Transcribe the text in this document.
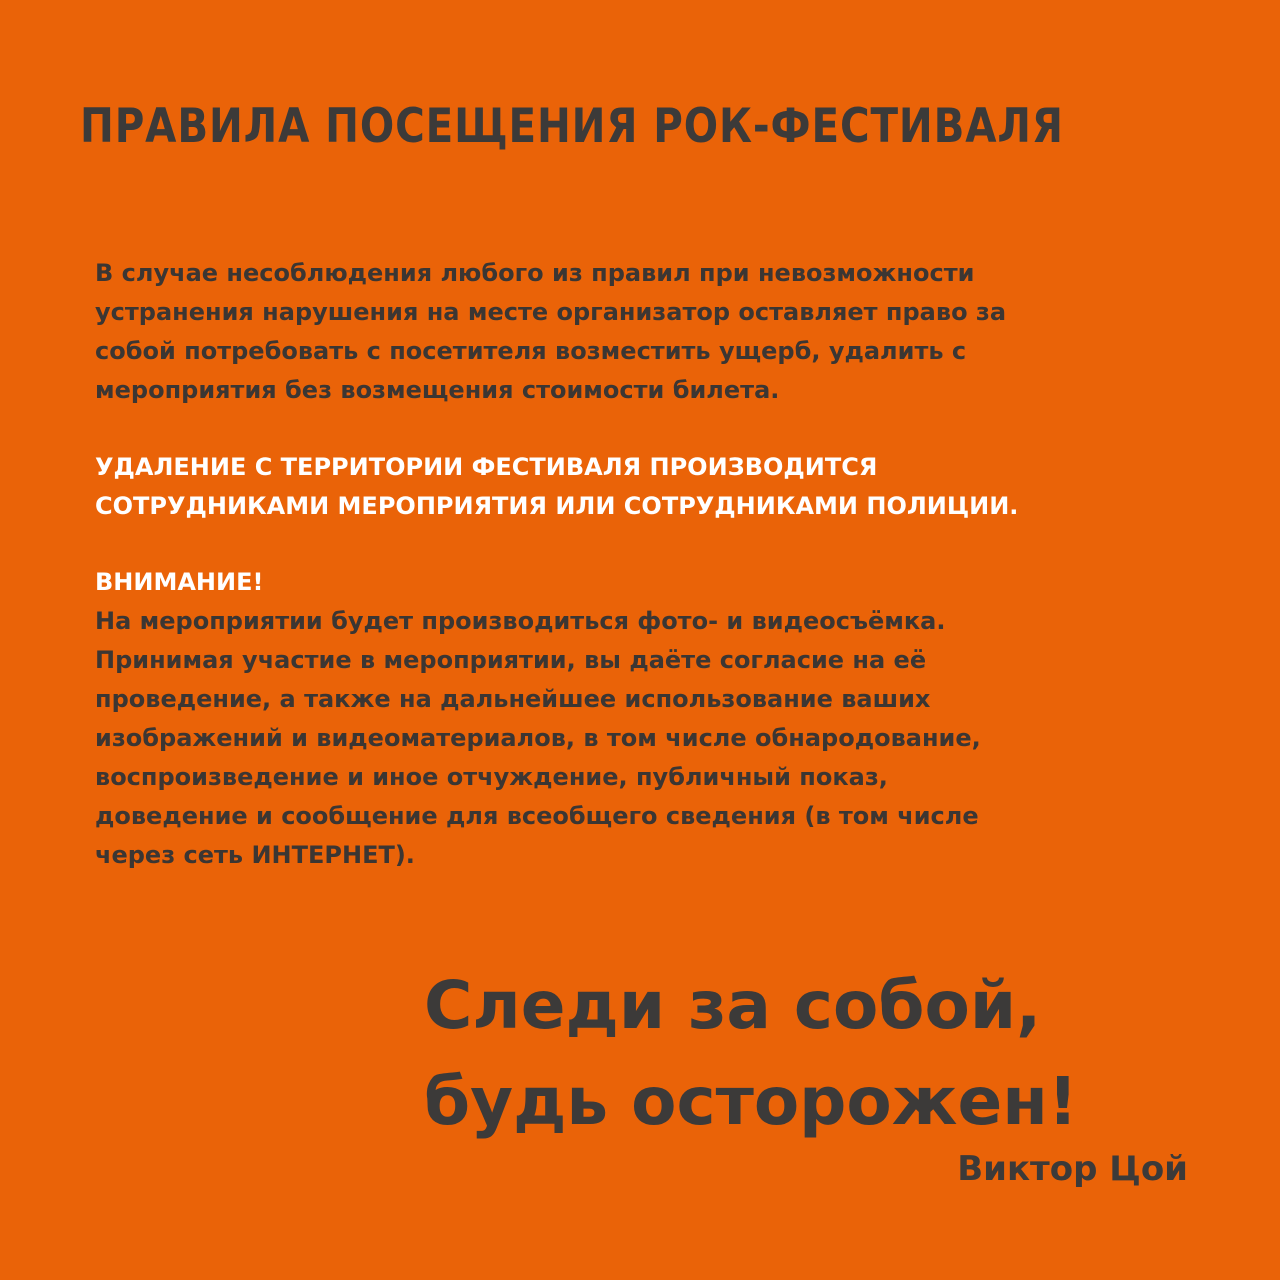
ПРАВИЛА ПОСЕЩЕНИЯ РОК-ФЕСТИВАЛЯ

В случае несоблюдения любого из правил при невозможности
устранения нарушения на месте организатор оставляет право за
собой потребовать с посетителя возместить ущерб, удалить с
мероприятия без возмещения стоимости билета.

УДАЛЕНИЕ С ТЕРРИТОРИИ ФЕСТИВАЛЯ ПРОИЗВОДИТСЯ
СОТРУДНИКАМИ МЕРОПРИЯТИЯ ИЛИ СОТРУДНИКАМИ ПОЛИЦИИ.

ВНИМАНИЕ!
На мероприятии будет производиться фото- и видеосъёмка.
Принимая участие в мероприятии, вы даёте согласие на её
проведение, а также на дальнейшее использование ваших
изображений и видеоматериалов, в том числе обнародование,
воспроизведение и иное отчуждение, публичный показ,
доведение и сообщение для всеобщего сведения (в том числе
через сеть ИНТЕРНЕТ).

Следи за собой,
будь осторожен!

Виктор Цой
